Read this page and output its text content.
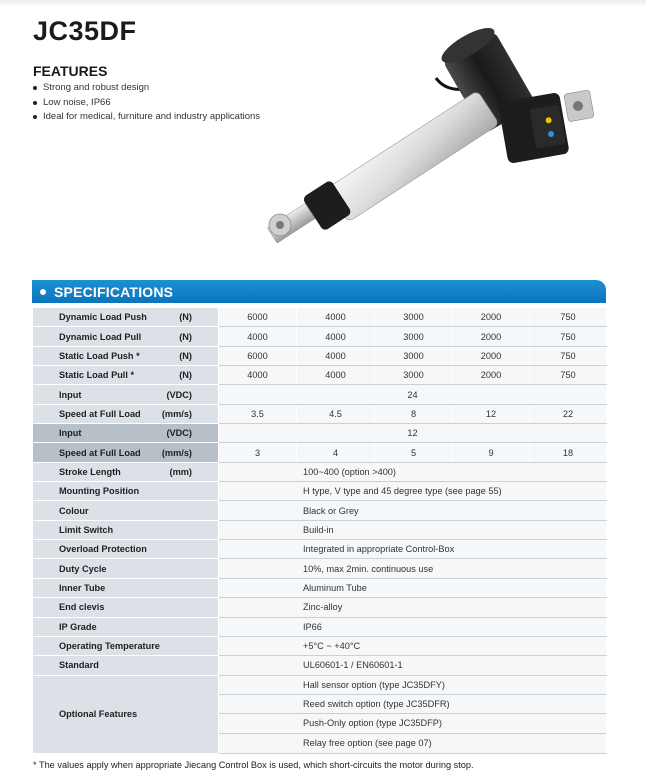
JC35DF
FEATURES
Strong and robust design
Low noise, IP66
Ideal for medical, furniture and industry applications
SPECIFICATIONS
Dynamic Load Push (N)	6000	4000	3000	2000	750

Dynamic Load Pull (N)	4000	4000	3000	2000	750

Static Load Push * (N)	6000	4000	3000	2000	750

Static Load Pull * (N)	4000	4000	3000	2000	750

Input (VDC)	24				

Speed at Full Load (mm/s)	3.5	4.5	8	12	22

Input (VDC)	12				

Speed at Full Load (mm/s)	3	4	5	9	18

Stroke Length (mm)	100~400 (option >400)				

Mounting Position	H type, V type and 45 degree type (see page 55)				

Colour	Black or Grey				

Limit Switch	Build-in				

Overload Protection	Integrated in appropriate Control-Box				

Duty Cycle	10%, max 2min. continuous use				

Inner Tube	Aluminum Tube				

End clevis	Zinc-alloy				

IP Grade	IP66				

Operating Temperature	+5°C ~ +40°C				

Standard	UL60601-1 / EN60601-1				
Optional Features	Hall sensor option (type JC35DFY)
Reed switch option (type JC35DFR)
Push-Only option (type JC35DFP)
Relay free option (see page 07)				
* The values apply when appropriate Jiecang Control Box is used, which short-circuits the motor during stop.
